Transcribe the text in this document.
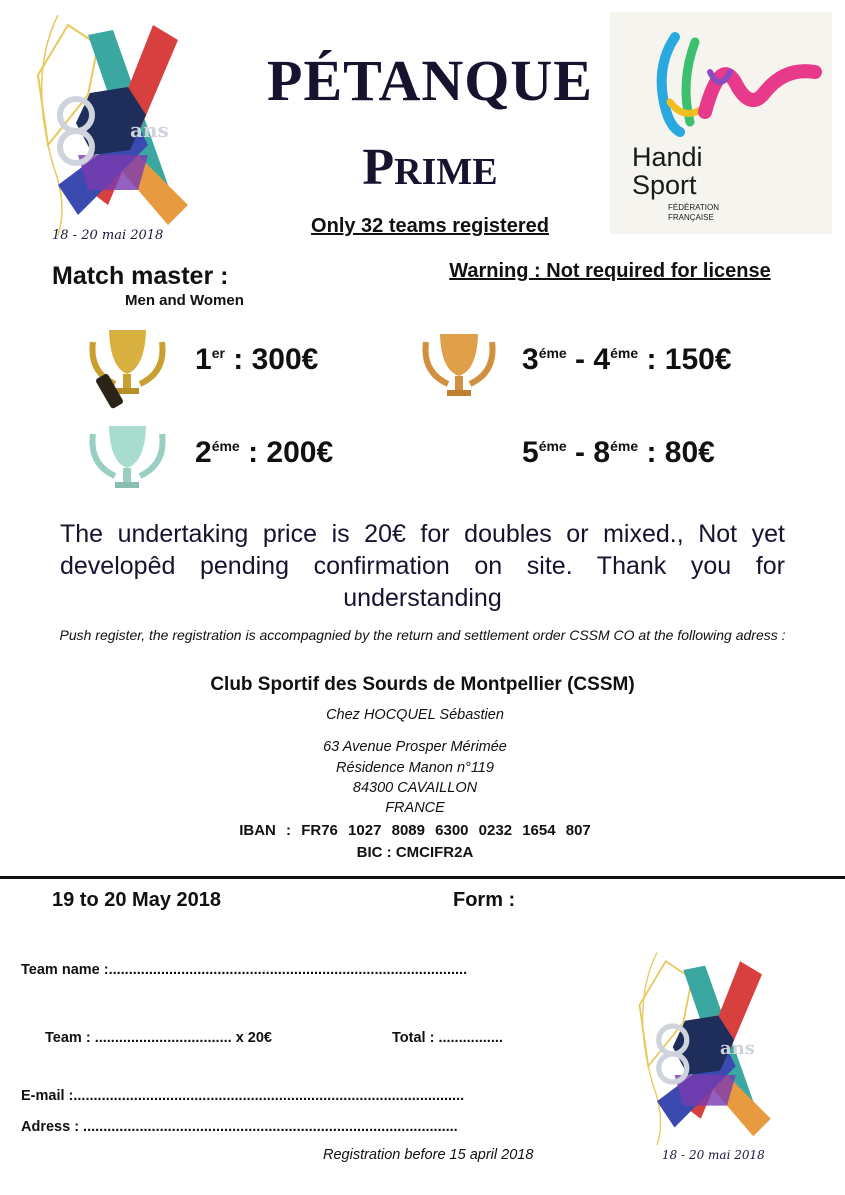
18 - 20 mai 2018
ans
PÉTANQUE
PRIME
Only 32 teams registered
Handi
Sport
FÉDÉRATION
FRANÇAISE
Match master :
Men and Women
Warning : Not required for license
1er : 300€
$2^{éme}$ : 200€
$3^{éme} - 4^{éme}$ : 150€
$5^{éme} - 8^{éme}$ : 80€
The undertaking price is 20€ for doubles or mixed., Not yet developêd pending confirmation on site. Thank you for understanding
Push register, the registration is accompagnied by the return and settlement order CSSM CO at the following adress :
Club Sportif des Sourds de Montpellier (CSSM)
Chez HOCQUEL Sébastien
63 Avenue Prosper Mérimée
Résidence Manon n°119
84300 CAVAILLON
FRANCE
IBAN : FR76 1027 8089 6300 0232 1654 807
BIC : CMCIFR2A
19 to 20 May 2018	Form :
Team name :.........................................................................................
Team : .................................. x 20€	Total : ................
E-mail :.................................................................................................
Adress : .............................................................................................
Registration before 15 april 2018
ans
18 - 20 mai 2018
